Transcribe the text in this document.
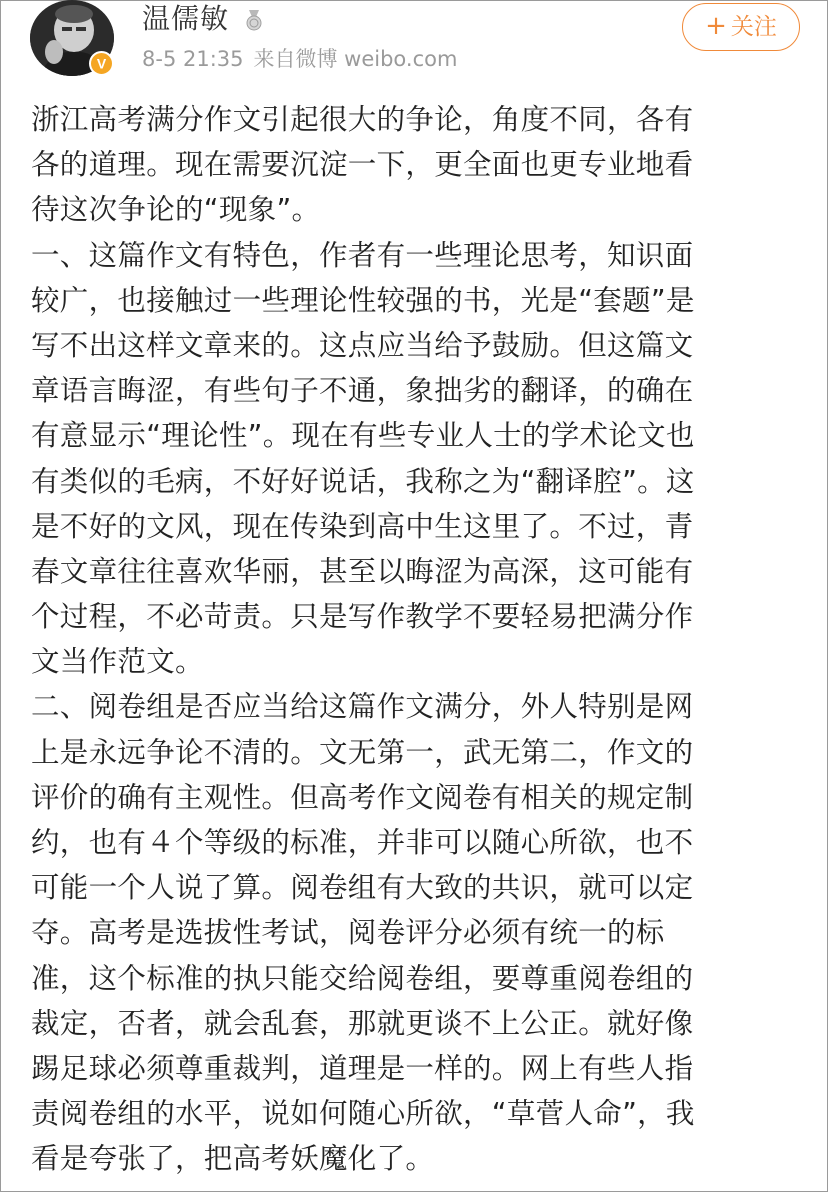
V
温儒敏
8-5 21:35 来自微博 weibo.com
+ 关注
浙江高考满分作文引起很大的争论，角度不同，各有
各的道理。现在需要沉淀一下，更全面也更专业地看
待这次争论的“现象”。
一、这篇作文有特色，作者有一些理论思考，知识面
较广，也接触过一些理论性较强的书，光是“套题”是
写不出这样文章来的。这点应当给予鼓励。但这篇文
章语言晦涩，有些句子不通，象拙劣的翻译，的确在
有意显示“理论性”。现在有些专业人士的学术论文也
有类似的毛病，不好好说话，我称之为“翻译腔”。这
是不好的文风，现在传染到高中生这里了。不过，青
春文章往往喜欢华丽，甚至以晦涩为高深，这可能有
个过程，不必苛责。只是写作教学不要轻易把满分作
文当作范文。
二、阅卷组是否应当给这篇作文满分，外人特别是网
上是永远争论不清的。文无第一，武无第二，作文的
评价的确有主观性。但高考作文阅卷有相关的规定制
约，也有４个等级的标准，并非可以随心所欲，也不
可能一个人说了算。阅卷组有大致的共识，就可以定
夺。高考是选拔性考试，阅卷评分必须有统一的标
准，这个标准的执只能交给阅卷组，要尊重阅卷组的
裁定，否者，就会乱套，那就更谈不上公正。就好像
踢足球必须尊重裁判，道理是一样的。网上有些人指
责阅卷组的水平，说如何随心所欲，“草菅人命”，我
看是夸张了，把高考妖魔化了。
